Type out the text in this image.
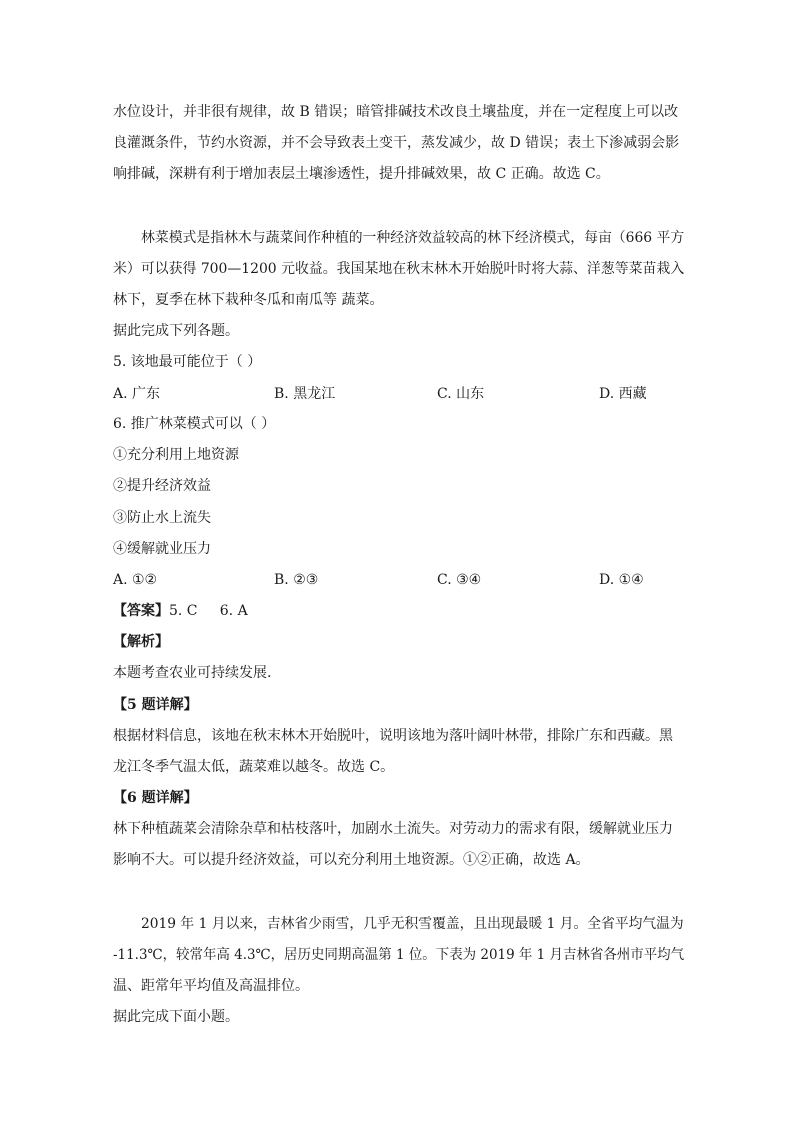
水位设计，并非很有规律，故 B 错误；暗管排碱技术改良土壤盐度，并在一定程度上可以改
良灌溉条件，节约水资源，并不会导致表土变干，蒸发减少，故 D 错误；表土下渗减弱会影
响排碱，深耕有利于增加表层土壤渗透性，提升排碱效果，故 C 正确。故选 C。
林菜模式是指林木与蔬菜间作种植的一种经济效益较高的林下经济模式，每亩（666 平方
米）可以获得 700—1200 元收益。我国某地在秋末林木开始脱叶时将大蒜、洋葱等菜苗栽入
林下，夏季在林下栽种冬瓜和南瓜等 蔬菜。
据此完成下列各题。
5. 该地最可能位于（ ）
A. 广东	B. 黑龙江	C. 山东	D. 西藏
6. 推广林菜模式可以（ ）
①充分利用上地资源
②提升经济效益
③防止水上流失
④缓解就业压力
A. ①②	B. ②③	C. ③④	D. ①④
【答案】5. C     6. A
【解析】
本题考查农业可持续发展.
【5 题详解】
根据材料信息，该地在秋末林木开始脱叶，说明该地为落叶阔叶林带，排除广东和西藏。黑
龙江冬季气温太低，蔬菜难以越冬。故选 C。
【6 题详解】
林下种植蔬菜会清除杂草和枯枝落叶，加剧水土流失。对劳动力的需求有限，缓解就业压力
影响不大。可以提升经济效益，可以充分利用土地资源。①②正确，故选 A。
2019 年 1 月以来，吉林省少雨雪，几乎无积雪覆盖，且出现最暖 1 月。全省平均气温为
-11.3℃，较常年高 4.3℃，居历史同期高温第 1 位。下表为 2019 年 1 月吉林省各州市平均气
温、距常年平均值及高温排位。
据此完成下面小题。
